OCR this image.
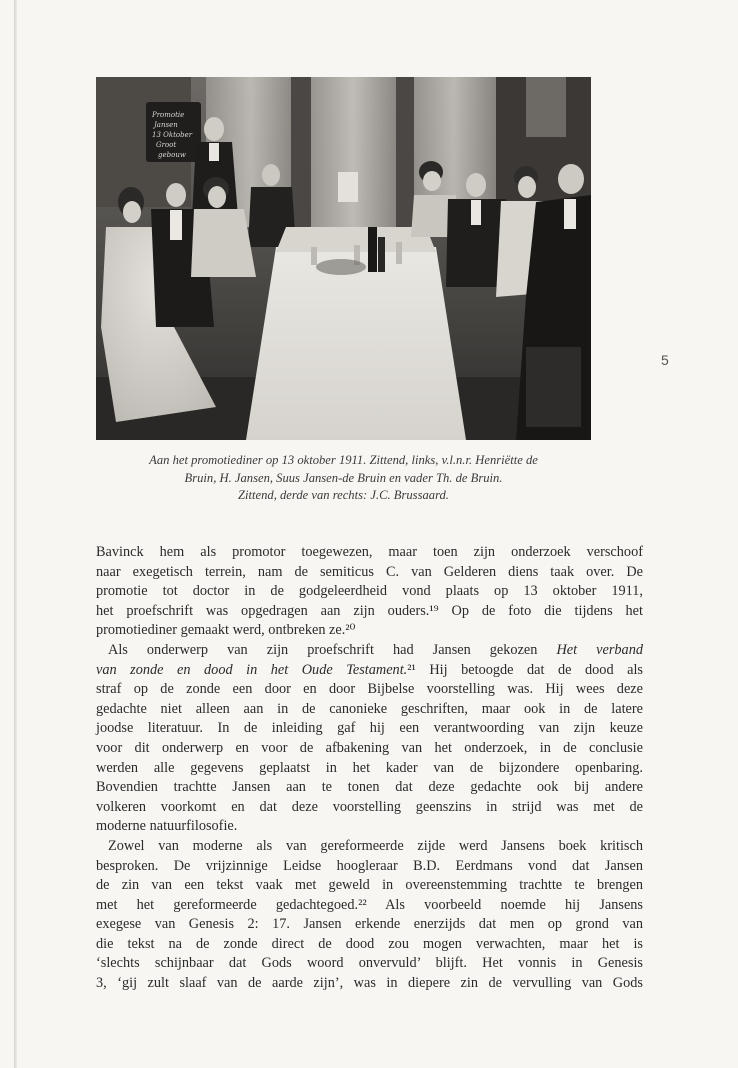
Promotie
Jansen
13 Oktober
Groot
gebouw
Aan het promotiediner op 13 oktober 1911. Zittend, links, v.l.n.r. Henriëtte de
Bruin, H. Jansen, Suus Jansen-de Bruin en vader Th. de Bruin.
Zittend, derde van rechts: J.C. Brussaard.
5
Bavinck hem als promotor toegewezen, maar toen zijn onderzoek verschoof
naar exegetisch terrein, nam de semiticus C. van Gelderen diens taak over. De
promotie tot doctor in de godgeleerdheid vond plaats op 13 oktober 1911,
het proefschrift was opgedragen aan zijn ouders.¹⁹ Op de foto die tijdens het
promotiediner gemaakt werd, ontbreken ze.²⁰
Als onderwerp van zijn proefschrift had Jansen gekozen Het verband
van zonde en dood in het Oude Testament.²¹ Hij betoogde dat de dood als
straf op de zonde een door en door Bijbelse voorstelling was. Hij wees deze
gedachte niet alleen aan in de canonieke geschriften, maar ook in de latere
joodse literatuur. In de inleiding gaf hij een verantwoording van zijn keuze
voor dit onderwerp en voor de afbakening van het onderzoek, in de conclusie
werden alle gegevens geplaatst in het kader van de bijzondere openbaring.
Bovendien trachtte Jansen aan te tonen dat deze gedachte ook bij andere
volkeren voorkomt en dat deze voorstelling geenszins in strijd was met de
moderne natuurfilosofie.
Zowel van moderne als van gereformeerde zijde werd Jansens boek kritisch
besproken. De vrijzinnige Leidse hoogleraar B.D. Eerdmans vond dat Jansen
de zin van een tekst vaak met geweld in overeenstemming trachtte te brengen
met het gereformeerde gedachtegoed.²² Als voorbeeld noemde hij Jansens
exegese van Genesis 2: 17. Jansen erkende enerzijds dat men op grond van
die tekst na de zonde direct de dood zou mogen verwachten, maar het is
‘slechts schijnbaar dat Gods woord onvervuld’ blijft. Het vonnis in Genesis
3, ‘gij zult slaaf van de aarde zijn’, was in diepere zin de vervulling van Gods
